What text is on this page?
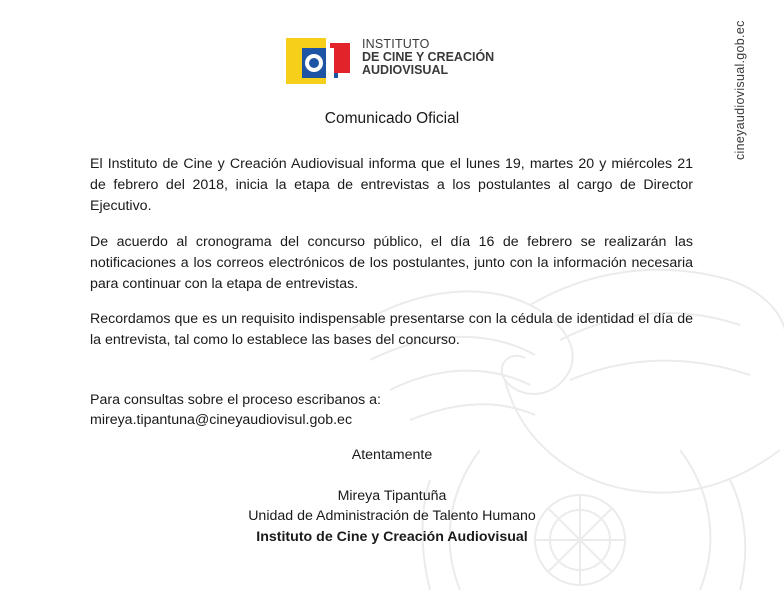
INSTITUTO
DE CINE Y CREACIÓN
AUDIOVISUAL	cineyaudiovisual.gob.ec
Comunicado Oficial
El Instituto de Cine y Creación Audiovisual informa que el lunes 19, martes 20 y miércoles 21 de febrero del 2018, inicia la etapa de entrevistas a los postulantes al cargo de Director Ejecutivo.
De acuerdo al cronograma del concurso público, el día 16 de febrero se realizarán las notificaciones a los correos electrónicos de los postulantes, junto con la información necesaria para continuar con la etapa de entrevistas.
Recordamos que es un requisito indispensable presentarse con la cédula de identidad el día de la entrevista, tal como lo establece las bases del concurso.
Para consultas sobre el proceso escribanos a:
mireya.tipantuna@cineyaudiovisul.gob.ec
Atentamente
Mireya Tipantuña
Unidad de Administración de Talento Humano
Instituto de Cine y Creación Audiovisual
